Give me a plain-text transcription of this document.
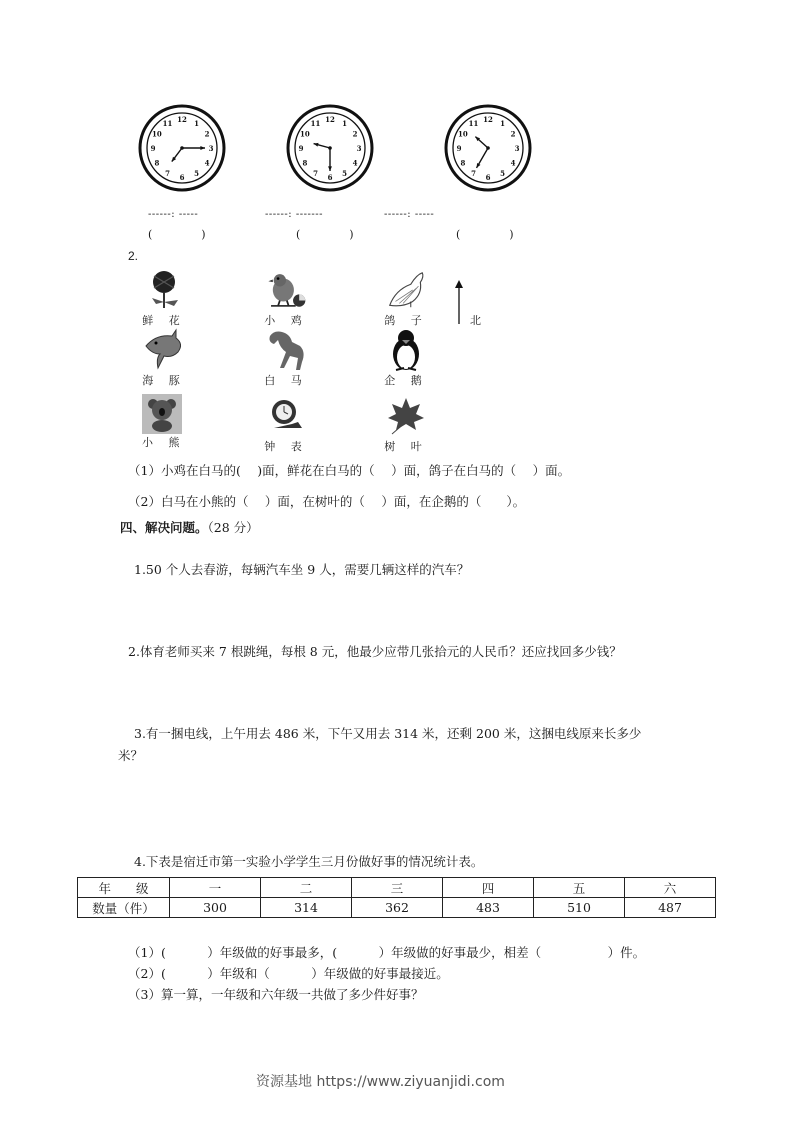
12 1
2
3
4
5
6
7
8
9
10
11	12 1
2
3
4
5
6
7
8
9
10
11	12 1
2
3
4
5
6
7
8
9
10
11
------: -----	------: -------	------: -----
(              )	(              )	(              )
2.
鲜 花	小 鸡	鸽 子
海 豚	白 马	企 鹅
小 熊	钟 表	树 叶
北
（1）小鸡在白马的(　 )面，鲜花在白马的（　 ）面，鸽子在白马的（　 ）面。
（2）白马在小熊的（　 ）面，在树叶的（　 ）面，在企鹅的（　　）。
四、解决问题。（28 分）
1.50 个人去春游，每辆汽车坐 9 人，需要几辆这样的汽车？
2.体育老师买来 7 根跳绳，每根 8 元，他最少应带几张拾元的人民币？还应找回多少钱？
3.有一捆电线，上午用去 486 米，下午又用去 314 米，还剩 200 米，这捆电线原来长多少
米？
4.下表是宿迁市第一实验小学学生三月份做好事的情况统计表。
年　　级	一	二	三	四	五	六
数量（件）	300	314	362	483	510	487
（1）(　　　 ）年级做的好事最多，(　　　 ）年级做的好事最少，相差（　　　　　 ）件。
（2）(　　　 ）年级和（　　　 ）年级做的好事最接近。
（3）算一算，一年级和六年级一共做了多少件好事？
资源基地 https://www.ziyuanjidi.com
